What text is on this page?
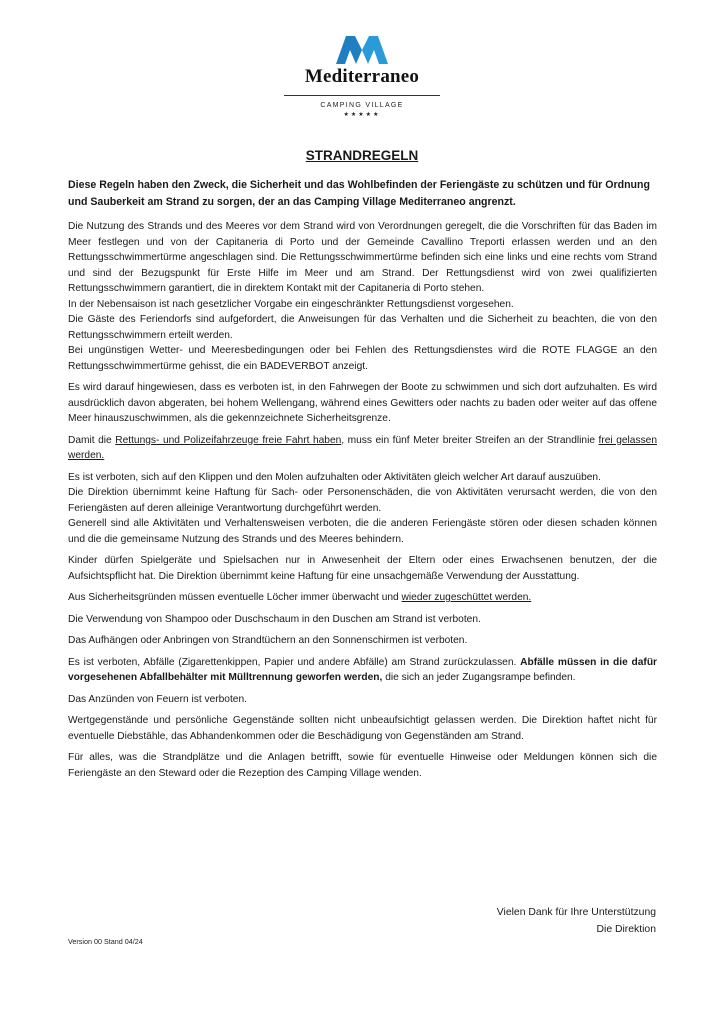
Mediterraneo
CAMPING VILLAGE
★★★★★
STRANDREGELN
Diese Regeln haben den Zweck, die Sicherheit und das Wohlbefinden der Feriengäste zu schützen und für Ordnung und Sauberkeit am Strand zu sorgen, der an das Camping Village Mediterraneo angrenzt.

Die Nutzung des Strands und des Meeres vor dem Strand wird von Verordnungen geregelt, die die Vorschriften für das Baden im Meer festlegen und von der Capitaneria di Porto und der Gemeinde Cavallino Treporti erlassen werden und an den Rettungsschwimmertürme angeschlagen sind. Die Rettungsschwimmertürme befinden sich eine links und eine rechts vom Strand und sind der Bezugspunkt für Erste Hilfe im Meer und am Strand. Der Rettungsdienst wird von zwei qualifizierten Rettungsschwimmern garantiert, die in direktem Kontakt mit der Capitaneria di Porto stehen.

In der Nebensaison ist nach gesetzlicher Vorgabe ein eingeschränkter Rettungsdienst vorgesehen.

Die Gäste des Feriendorfs sind aufgefordert, die Anweisungen für das Verhalten und die Sicherheit zu beachten, die von den Rettungsschwimmern erteilt werden.

Bei ungünstigen Wetter- und Meeresbedingungen oder bei Fehlen des Rettungsdienstes wird die ROTE FLAGGE an den Rettungsschwimmertürme gehisst, die ein BADEVERBOT anzeigt.

Es wird darauf hingewiesen, dass es verboten ist, in den Fahrwegen der Boote zu schwimmen und sich dort aufzuhalten. Es wird ausdrücklich davon abgeraten, bei hohem Wellengang, während eines Gewitters oder nachts zu baden oder weiter auf das offene Meer hinauszuschwimmen, als die gekennzeichnete Sicherheitsgrenze.

Damit die Rettungs- und Polizeifahrzeuge freie Fahrt haben, muss ein fünf Meter breiter Streifen an der Strandlinie frei gelassen werden.

Es ist verboten, sich auf den Klippen und den Molen aufzuhalten oder Aktivitäten gleich welcher Art darauf auszuüben.

Die Direktion übernimmt keine Haftung für Sach- oder Personenschäden, die von Aktivitäten verursacht werden, die von den Feriengästen auf deren alleinige Verantwortung durchgeführt werden.

Generell sind alle Aktivitäten und Verhaltensweisen verboten, die die anderen Feriengäste stören oder diesen schaden können und die die gemeinsame Nutzung des Strands und des Meeres behindern.

Kinder dürfen Spielgeräte und Spielsachen nur in Anwesenheit der Eltern oder eines Erwachsenen benutzen, der die Aufsichtspflicht hat. Die Direktion übernimmt keine Haftung für eine unsachgemäße Verwendung der Ausstattung.

Aus Sicherheitsgründen müssen eventuelle Löcher immer überwacht und wieder zugeschüttet werden.

Die Verwendung von Shampoo oder Duschschaum in den Duschen am Strand ist verboten.

Das Aufhängen oder Anbringen von Strandtüchern an den Sonnenschirmen ist verboten.

Es ist verboten, Abfälle (Zigarettenkippen, Papier und andere Abfälle) am Strand zurückzulassen. Abfälle müssen in die dafür vorgesehenen Abfallbehälter mit Mülltrennung geworfen werden, die sich an jeder Zugangsrampe befinden.

Das Anzünden von Feuern ist verboten.

Wertgegenstände und persönliche Gegenstände sollten nicht unbeaufsichtigt gelassen werden. Die Direktion haftet nicht für eventuelle Diebstähle, das Abhandenkommen oder die Beschädigung von Gegenständen am Strand.

Für alles, was die Strandplätze und die Anlagen betrifft, sowie für eventuelle Hinweise oder Meldungen können sich die Feriengäste an den Steward oder die Rezeption des Camping Village wenden.

Vielen Dank für Ihre Unterstützung
Die Direktion
Version 00 Stand 04/24
